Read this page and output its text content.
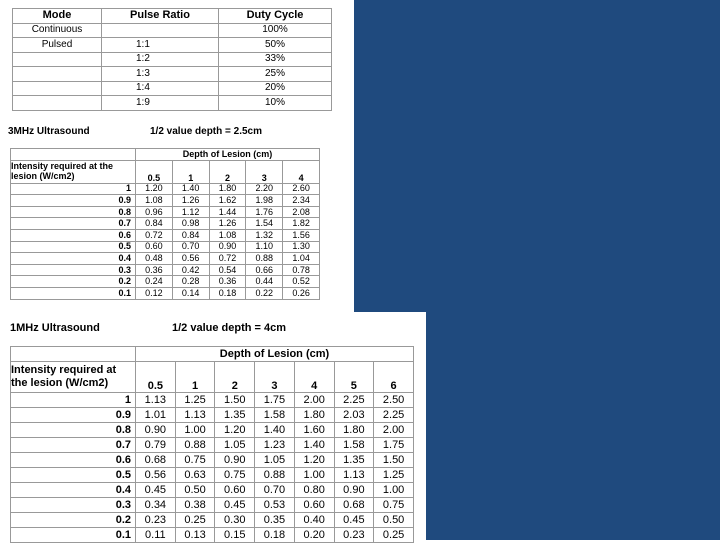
Mode	Pulse Ratio	Duty Cycle
Continuous		100%
Pulsed	1:1	50%
	1:2	33%
	1:3	25%
	1:4	20%
	1:9	10%
3MHz Ultrasound	1/2 value depth = 2.5cm
	Depth of Lesion (cm)				
Intensity required at the
lesion (W/cm2)	0.5	1	2	3	4
1	1.20	1.40	1.80	2.20	2.60
0.9	1.08	1.26	1.62	1.98	2.34
0.8	0.96	1.12	1.44	1.76	2.08
0.7	0.84	0.98	1.26	1.54	1.82
0.6	0.72	0.84	1.08	1.32	1.56
0.5	0.60	0.70	0.90	1.10	1.30
0.4	0.48	0.56	0.72	0.88	1.04
0.3	0.36	0.42	0.54	0.66	0.78
0.2	0.24	0.28	0.36	0.44	0.52
0.1	0.12	0.14	0.18	0.22	0.26
1MHz Ultrasound	1/2 value depth = 4cm
	Depth of Lesion (cm)						
Intensity required at
the lesion (W/cm2)	0.5	1	2	3	4	5	6
1	1.13	1.25	1.50	1.75	2.00	2.25	2.50
0.9	1.01	1.13	1.35	1.58	1.80	2.03	2.25
0.8	0.90	1.00	1.20	1.40	1.60	1.80	2.00
0.7	0.79	0.88	1.05	1.23	1.40	1.58	1.75
0.6	0.68	0.75	0.90	1.05	1.20	1.35	1.50
0.5	0.56	0.63	0.75	0.88	1.00	1.13	1.25
0.4	0.45	0.50	0.60	0.70	0.80	0.90	1.00
0.3	0.34	0.38	0.45	0.53	0.60	0.68	0.75
0.2	0.23	0.25	0.30	0.35	0.40	0.45	0.50
0.1	0.11	0.13	0.15	0.18	0.20	0.23	0.25
